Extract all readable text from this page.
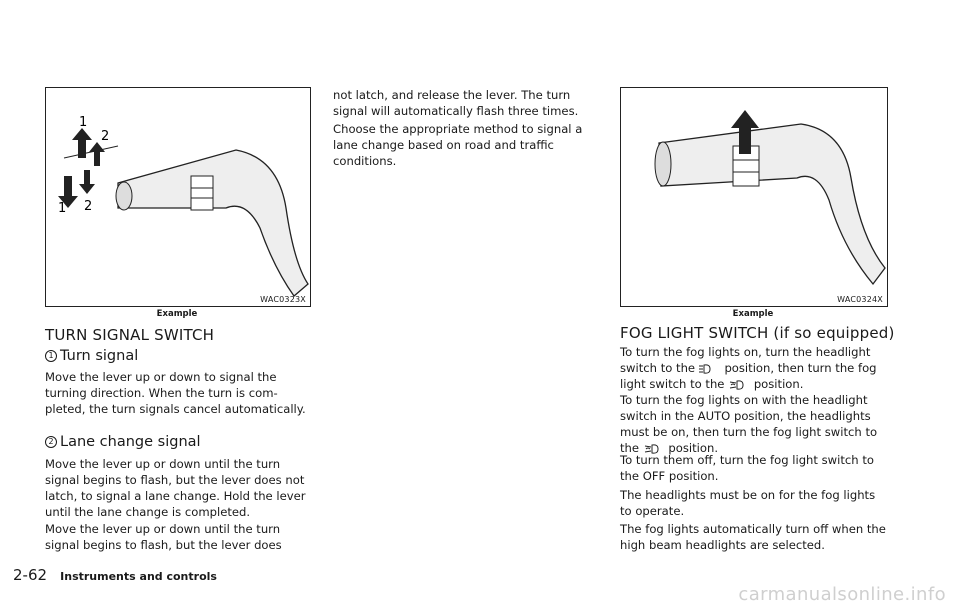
1
2
1 2
WAC0323X
Example
TURN SIGNAL SWITCH
1 Turn signal

Move the lever up or down to signal the turning direction. When the turn is completed, the turn signals cancel automatically.

2 Lane change signal

Move the lever up or down until the turn signal begins to flash, but the lever does not latch, to signal a lane change. Hold the lever until the lane change is completed.

Move the lever up or down until the turn signal begins to flash, but the lever does

not latch, and release the lever. The turn signal will automatically flash three times.

Choose the appropriate method to signal a lane change based on road and traffic conditions.

WAC0324X
Example
FOG LIGHT SWITCH (if so equipped)

To turn the fog lights on, turn the headlight switch to the	position, then turn the fog light switch to the	position.

To turn the fog lights on with the headlight switch in the AUTO position, the headlights must be on, then turn the fog light switch to the	position.

To turn them off, turn the fog light switch to the OFF position.

The headlights must be on for the fog lights to operate.

The fog lights automatically turn off when the high beam headlights are selected.

2-62 Instruments and controls
carmanualsonline.info
